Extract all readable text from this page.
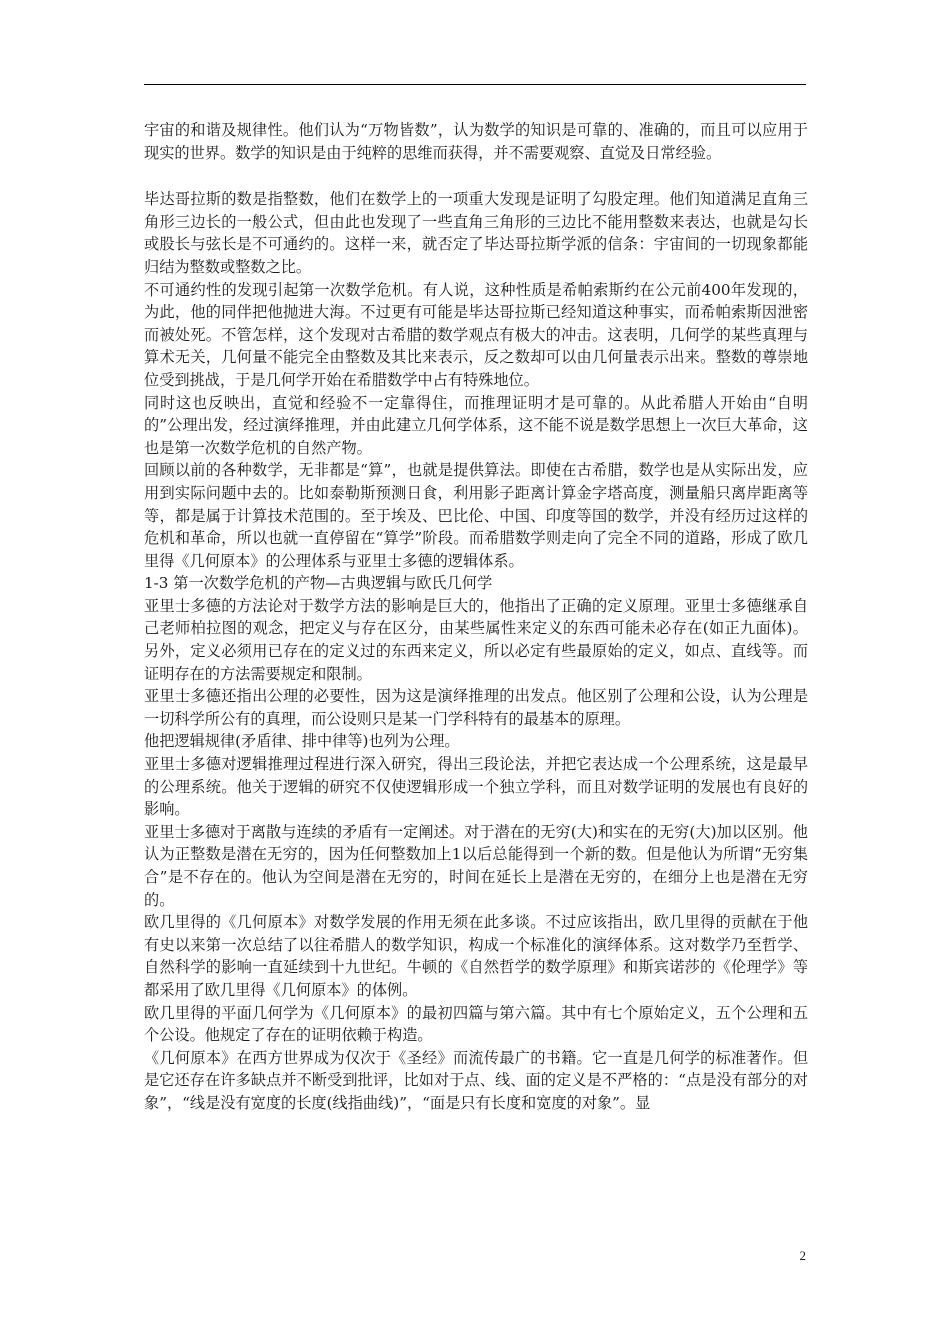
宇宙的和谐及规律性。他们认为“万物皆数”，认为数学的知识是可靠的、准确的，而且可以应用于现实的世界。数学的知识是由于纯粹的思维而获得，并不需要观察、直觉及日常经验。

毕达哥拉斯的数是指整数，他们在数学上的一项重大发现是证明了勾股定理。他们知道满足直角三角形三边长的一般公式，但由此也发现了一些直角三角形的三边比不能用整数来表达，也就是勾长或股长与弦长是不可通约的。这样一来，就否定了毕达哥拉斯学派的信条：宇宙间的一切现象都能归结为整数或整数之比。

不可通约性的发现引起第一次数学危机。有人说，这种性质是希帕索斯约在公元前400年发现的，为此，他的同伴把他抛进大海。不过更有可能是毕达哥拉斯已经知道这种事实，而希帕索斯因泄密而被处死。不管怎样，这个发现对古希腊的数学观点有极大的冲击。这表明，几何学的某些真理与算术无关，几何量不能完全由整数及其比来表示，反之数却可以由几何量表示出来。整数的尊崇地位受到挑战，于是几何学开始在希腊数学中占有特殊地位。

同时这也反映出，直觉和经验不一定靠得住，而推理证明才是可靠的。从此希腊人开始由“自明的”公理出发，经过演绎推理，并由此建立几何学体系，这不能不说是数学思想上一次巨大革命，这也是第一次数学危机的自然产物。

回顾以前的各种数学，无非都是“算”，也就是提供算法。即使在古希腊，数学也是从实际出发，应用到实际问题中去的。比如泰勒斯预测日食，利用影子距离计算金字塔高度，测量船只离岸距离等等，都是属于计算技术范围的。至于埃及、巴比伦、中国、印度等国的数学，并没有经历过这样的危机和革命，所以也就一直停留在“算学”阶段。而希腊数学则走向了完全不同的道路，形成了欧几里得《几何原本》的公理体系与亚里士多德的逻辑体系。

1-3 第一次数学危机的产物—古典逻辑与欧氏几何学

亚里士多德的方法论对于数学方法的影响是巨大的，他指出了正确的定义原理。亚里士多德继承自己老师柏拉图的观念，把定义与存在区分，由某些属性来定义的东西可能未必存在(如正九面体)。另外，定义必须用已存在的定义过的东西来定义，所以必定有些最原始的定义，如点、直线等。而证明存在的方法需要规定和限制。

亚里士多德还指出公理的必要性，因为这是演绎推理的出发点。他区别了公理和公设，认为公理是一切科学所公有的真理，而公设则只是某一门学科特有的最基本的原理。

他把逻辑规律(矛盾律、排中律等)也列为公理。

亚里士多德对逻辑推理过程进行深入研究，得出三段论法，并把它表达成一个公理系统，这是最早的公理系统。他关于逻辑的研究不仅使逻辑形成一个独立学科，而且对数学证明的发展也有良好的影响。

亚里士多德对于离散与连续的矛盾有一定阐述。对于潜在的无穷(大)和实在的无穷(大)加以区别。他认为正整数是潜在无穷的，因为任何整数加上1以后总能得到一个新的数。但是他认为所谓“无穷集合”是不存在的。他认为空间是潜在无穷的，时间在延长上是潜在无穷的，在细分上也是潜在无穷的。

欧几里得的《几何原本》对数学发展的作用无须在此多谈。不过应该指出，欧几里得的贡献在于他有史以来第一次总结了以往希腊人的数学知识，构成一个标准化的演绎体系。这对数学乃至哲学、自然科学的影响一直延续到十九世纪。牛顿的《自然哲学的数学原理》和斯宾诺莎的《伦理学》等都采用了欧几里得《几何原本》的体例。

欧几里得的平面几何学为《几何原本》的最初四篇与第六篇。其中有七个原始定义，五个公理和五个公设。他规定了存在的证明依赖于构造。

《几何原本》在西方世界成为仅次于《圣经》而流传最广的书籍。它一直是几何学的标准著作。但是它还存在许多缺点并不断受到批评，比如对于点、线、面的定义是不严格的：“点是没有部分的对象”，“线是没有宽度的长度(线指曲线)”，“面是只有长度和宽度的对象”。显

2
